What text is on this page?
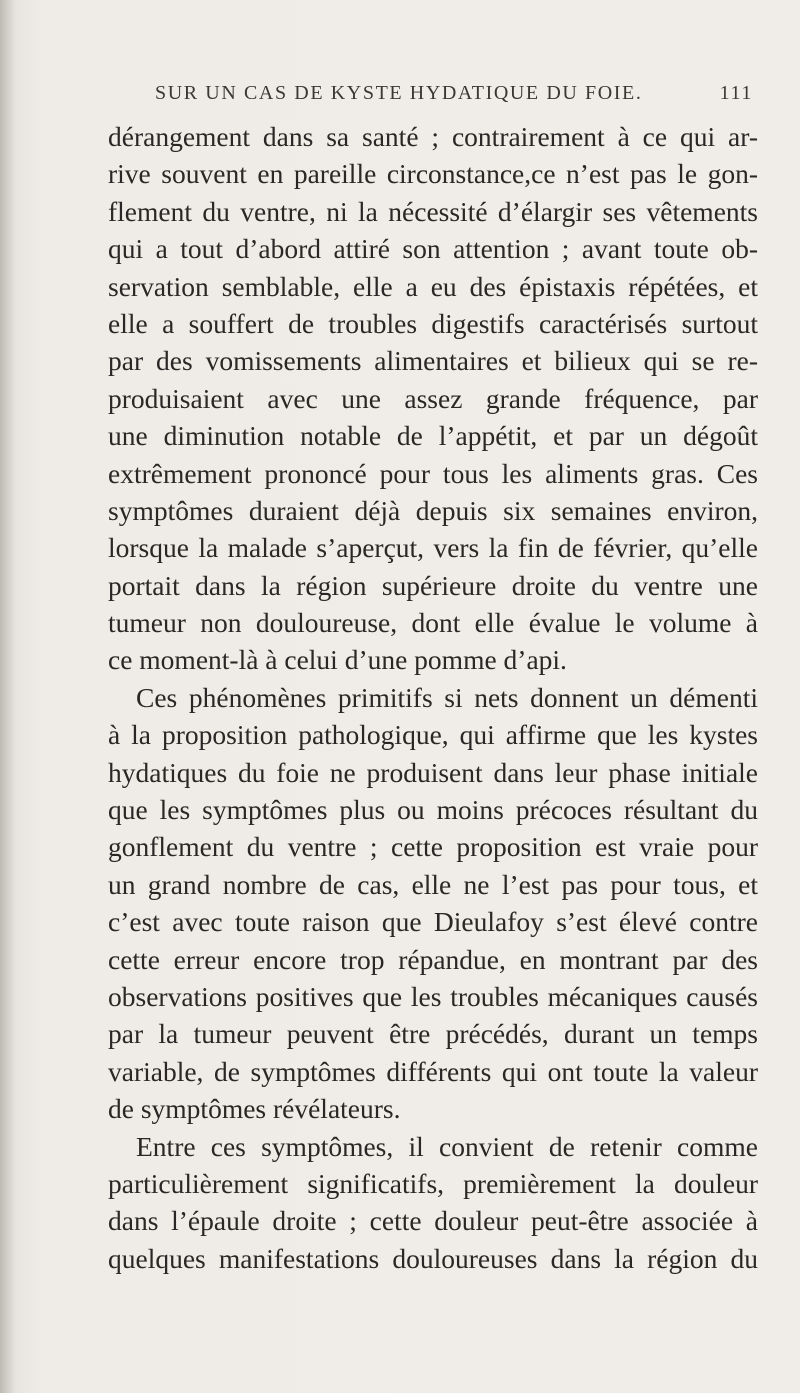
SUR UN CAS DE KYSTE HYDATIQUE DU FOIE.	111
dérangement dans sa santé ; contrairement à ce qui ar-
rive souvent en pareille circonstance,ce n’est pas le gon-
flement du ventre, ni la nécessité d’élargir ses vêtements
qui a tout d’abord attiré son attention ; avant toute ob-
servation semblable, elle a eu des épistaxis répétées, et
elle a souffert de troubles digestifs caractérisés surtout
par des vomissements alimentaires et bilieux qui se re-
produisaient avec une assez grande fréquence, par
une diminution notable de l’appétit, et par un dégoût
extrêmement prononcé pour tous les aliments gras. Ces
symptômes duraient déjà depuis six semaines environ,
lorsque la malade s’aperçut, vers la fin de février, qu’elle
portait dans la région supérieure droite du ventre une
tumeur non douloureuse, dont elle évalue le volume à
ce moment-là à celui d’une pomme d’api.
Ces phénomènes primitifs si nets donnent un démenti
à la proposition pathologique, qui affirme que les kystes
hydatiques du foie ne produisent dans leur phase initiale
que les symptômes plus ou moins précoces résultant du
gonflement du ventre ; cette proposition est vraie pour
un grand nombre de cas, elle ne l’est pas pour tous, et
c’est avec toute raison que Dieulafoy s’est élevé contre
cette erreur encore trop répandue, en montrant par des
observations positives que les troubles mécaniques causés
par la tumeur peuvent être précédés, durant un temps
variable, de symptômes différents qui ont toute la valeur
de symptômes révélateurs.
Entre ces symptômes, il convient de retenir comme
particulièrement significatifs, premièrement la douleur
dans l’épaule droite ; cette douleur peut-être associée à
quelques manifestations douloureuses dans la région du
